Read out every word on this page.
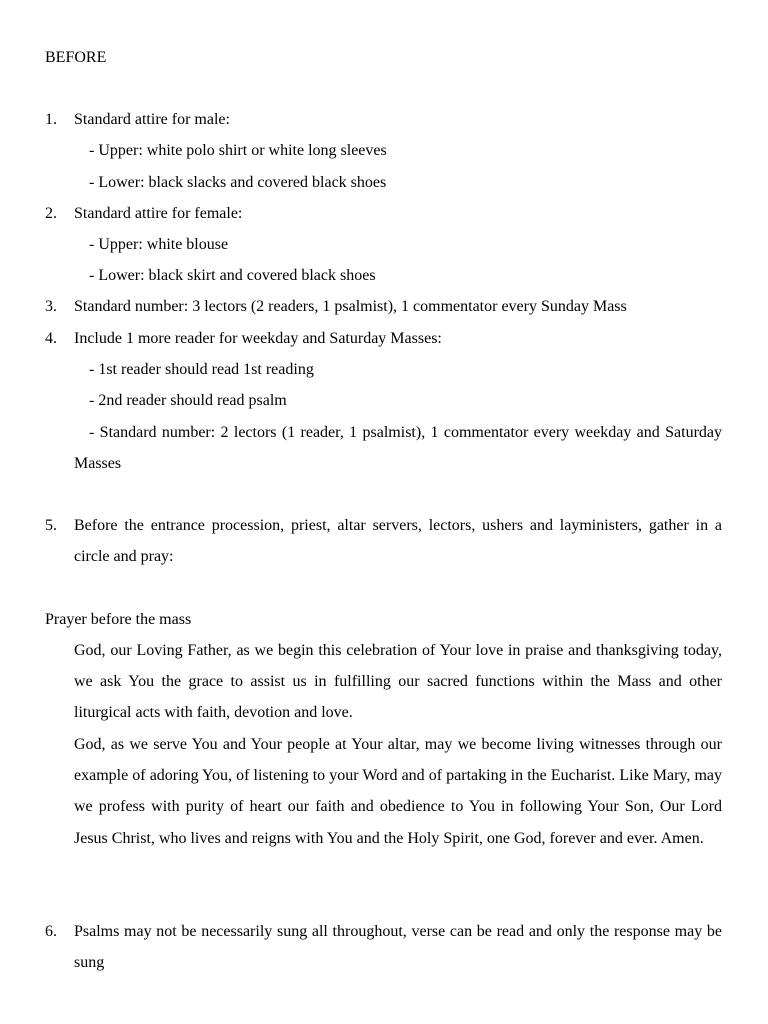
BEFORE
1. Standard attire for male:
- Upper: white polo shirt or white long sleeves
- Lower: black slacks and covered black shoes
2. Standard attire for female:
- Upper: white blouse
- Lower: black skirt and covered black shoes
3. Standard number: 3 lectors (2 readers, 1 psalmist), 1 commentator every Sunday Mass
4. Include 1 more reader for weekday and Saturday Masses:
- 1st reader should read 1st reading
- 2nd reader should read psalm
- Standard number: 2 lectors (1 reader, 1 psalmist), 1 commentator every weekday and Saturday Masses
5. Before the entrance procession, priest, altar servers, lectors, ushers and layministers, gather in a circle and pray:
Prayer before the mass
God, our Loving Father, as we begin this celebration of Your love in praise and thanksgiving today, we ask You the grace to assist us in fulfilling our sacred functions within the Mass and other liturgical acts with faith, devotion and love.
God, as we serve You and Your people at Your altar, may we become living witnesses through our example of adoring You, of listening to your Word and of partaking in the Eucharist. Like Mary, may we profess with purity of heart our faith and obedience to You in following Your Son, Our Lord Jesus Christ, who lives and reigns with You and the Holy Spirit, one God, forever and ever. Amen.
6. Psalms may not be necessarily sung all throughout, verse can be read and only the response may be sung
